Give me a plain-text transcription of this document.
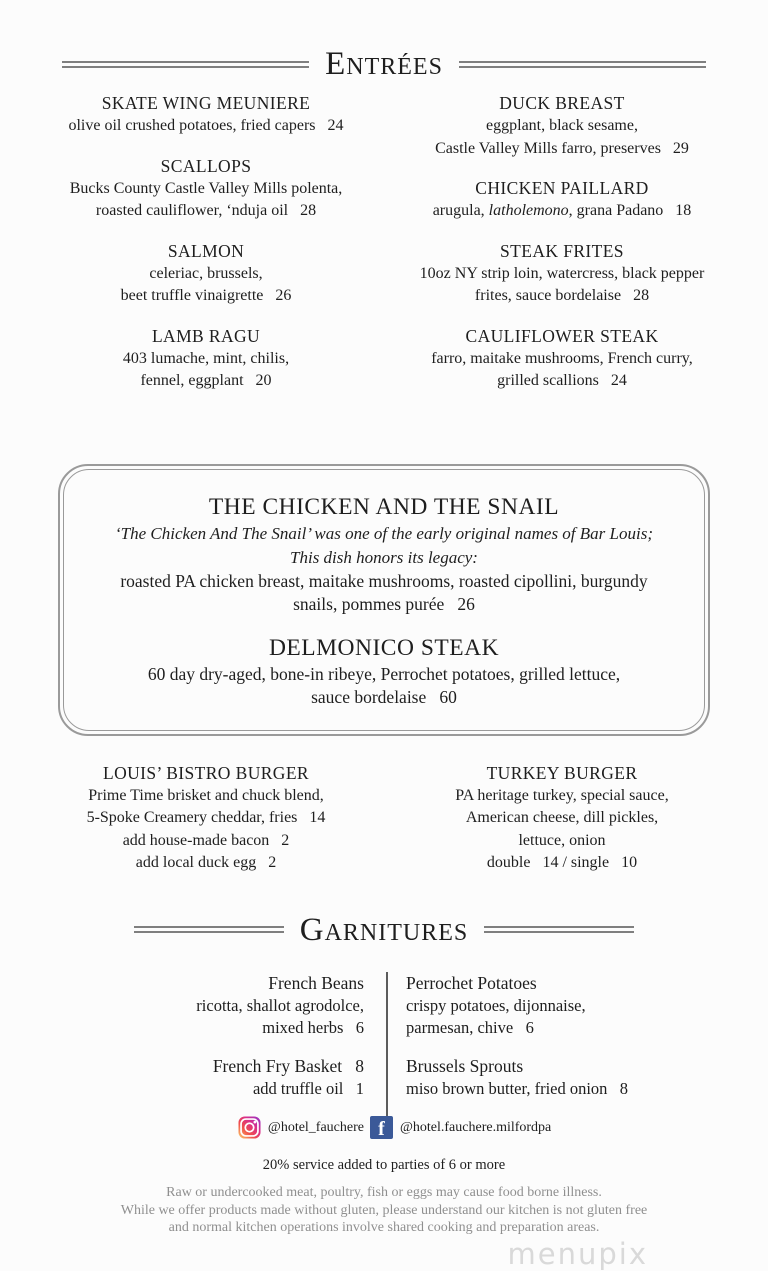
ENTRÉES
SKATE WING MEUNIERE
olive oil crushed potatoes, fried capers   24
SCALLOPS
Bucks County Castle Valley Mills polenta,
roasted cauliflower, ‘nduja oil   28
SALMON
celeriac, brussels,
beet truffle vinaigrette   26
LAMB RAGU
403 lumache, mint, chilis,
fennel, eggplant   20
DUCK BREAST
eggplant, black sesame,
Castle Valley Mills farro, preserves   29
CHICKEN PAILLARD
arugula, latholemono, grana Padano   18
STEAK FRITES
10oz NY strip loin, watercress, black pepper
frites, sauce bordelaise   28
CAULIFLOWER STEAK
farro, maitake mushrooms, French curry,
grilled scallions   24
THE CHICKEN AND THE SNAIL
‘The Chicken And The Snail’ was one of the early original names of Bar Louis;
This dish honors its legacy:
roasted PA chicken breast, maitake mushrooms, roasted cipollini, burgundy
snails, pommes purée   26
DELMONICO STEAK
60 day dry-aged, bone-in ribeye, Perrochet potatoes, grilled lettuce,
sauce bordelaise   60
LOUIS’ BISTRO BURGER
Prime Time brisket and chuck blend,
5-Spoke Creamery cheddar, fries   14
add house-made bacon   2
add local duck egg   2
TURKEY BURGER
PA heritage turkey, special sauce,
American cheese, dill pickles,
lettuce, onion
double   14 / single   10
GARNITURES
French Beans
ricotta, shallot agrodolce,
mixed herbs   6
French Fry Basket   8
add truffle oil   1
@hotel_fauchere
Perrochet Potatoes
crispy potatoes, dijonnaise,
parmesan, chive   6
Brussels Sprouts
miso brown butter, fried onion   8
f	@hotel.fauchere.milfordpa
20% service added to parties of 6 or more
Raw or undercooked meat, poultry, fish or eggs may cause food borne illness.
While we offer products made without gluten, please understand our kitchen is not gluten free
and normal kitchen operations involve shared cooking and preparation areas.
menupix
